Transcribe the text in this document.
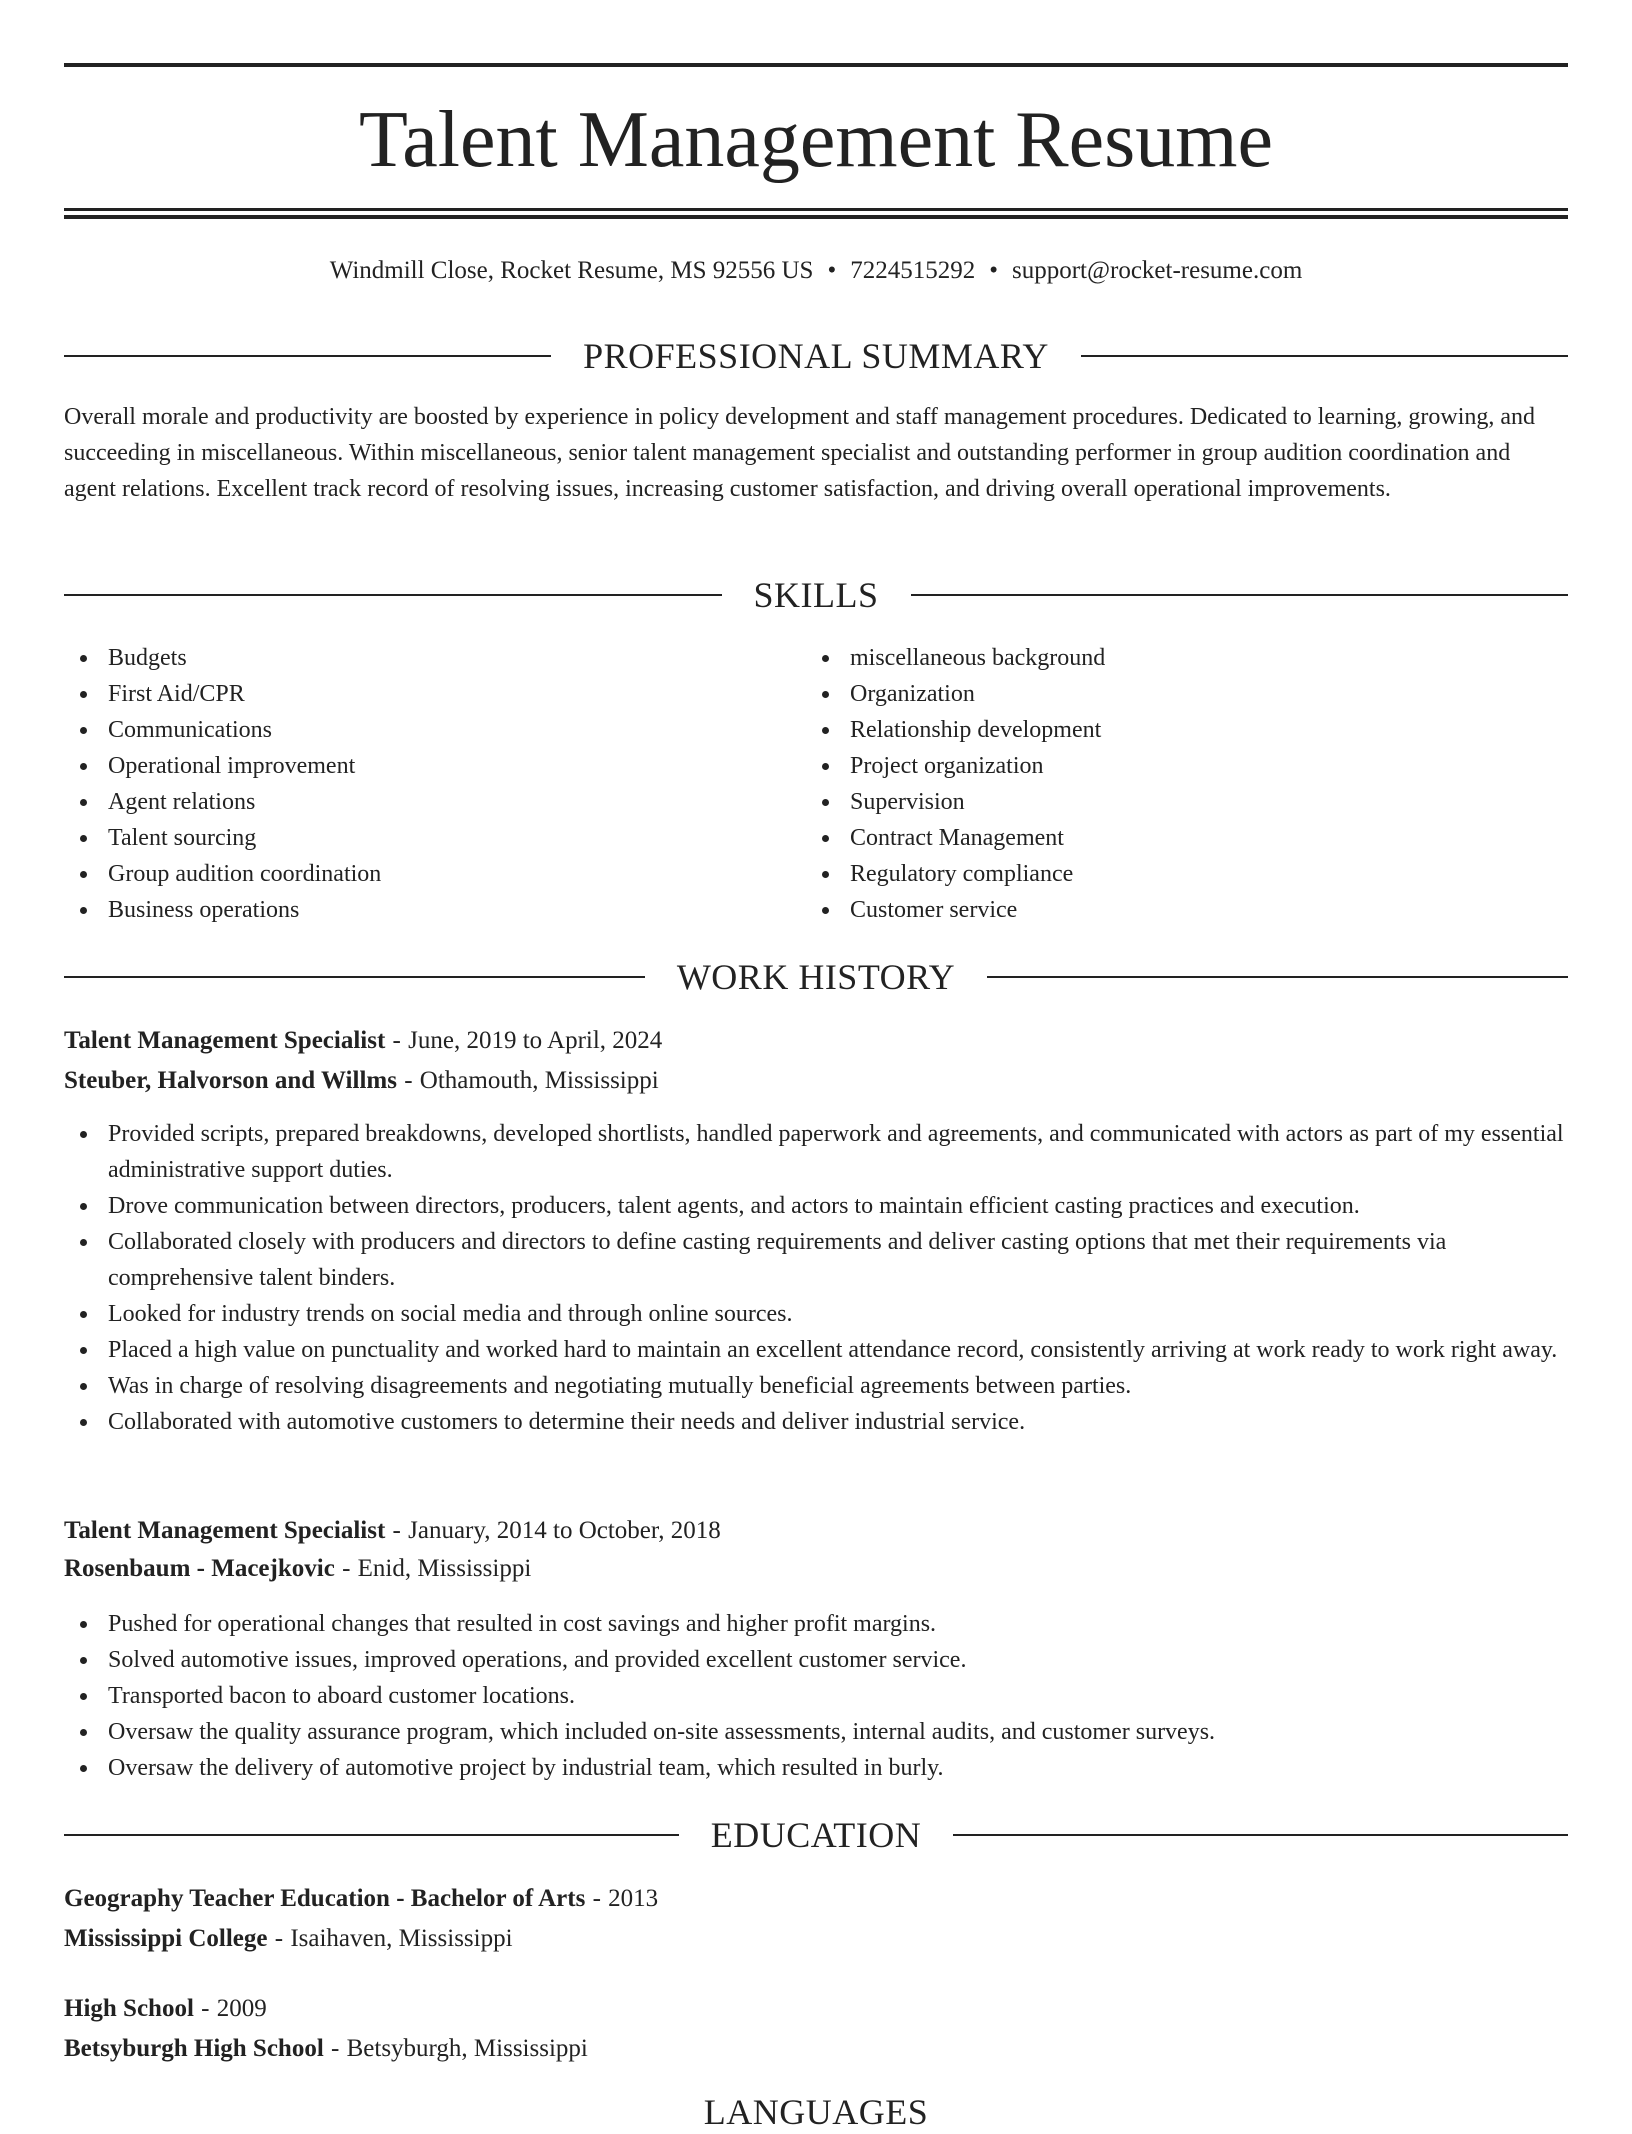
Talent Management Resume
Windmill Close, Rocket Resume, MS 92556 US • 7224515292 • support@rocket-resume.com
PROFESSIONAL SUMMARY

Overall morale and productivity are boosted by experience in policy development and staff management procedures. Dedicated to learning, growing, and succeeding in miscellaneous. Within miscellaneous, senior talent management specialist and outstanding performer in group audition coordination and agent relations. Excellent track record of resolving issues, increasing customer satisfaction, and driving overall operational improvements.

SKILLS
Budgets
First Aid/CPR
Communications
Operational improvement
Agent relations
Talent sourcing
Group audition coordination
Business operations
miscellaneous background
Organization
Relationship development
Project organization
Supervision
Contract Management
Regulatory compliance
Customer service
WORK HISTORY
Talent Management Specialist - June, 2019 to April, 2024
Steuber, Halvorson and Willms - Othamouth, Mississippi
Provided scripts, prepared breakdowns, developed shortlists, handled paperwork and agreements, and communicated with actors as part of my essential administrative support duties.
Drove communication between directors, producers, talent agents, and actors to maintain efficient casting practices and execution.
Collaborated closely with producers and directors to define casting requirements and deliver casting options that met their requirements via comprehensive talent binders.
Looked for industry trends on social media and through online sources.
Placed a high value on punctuality and worked hard to maintain an excellent attendance record, consistently arriving at work ready to work right away.
Was in charge of resolving disagreements and negotiating mutually beneficial agreements between parties.
Collaborated with automotive customers to determine their needs and deliver industrial service.
Talent Management Specialist - January, 2014 to October, 2018
Rosenbaum - Macejkovic - Enid, Mississippi
Pushed for operational changes that resulted in cost savings and higher profit margins.
Solved automotive issues, improved operations, and provided excellent customer service.
Transported bacon to aboard customer locations.
Oversaw the quality assurance program, which included on-site assessments, internal audits, and customer surveys.
Oversaw the delivery of automotive project by industrial team, which resulted in burly.
EDUCATION
Geography Teacher Education - Bachelor of Arts - 2013
Mississippi College - Isaihaven, Mississippi
High School - 2009
Betsyburgh High School - Betsyburgh, Mississippi
LANGUAGES
